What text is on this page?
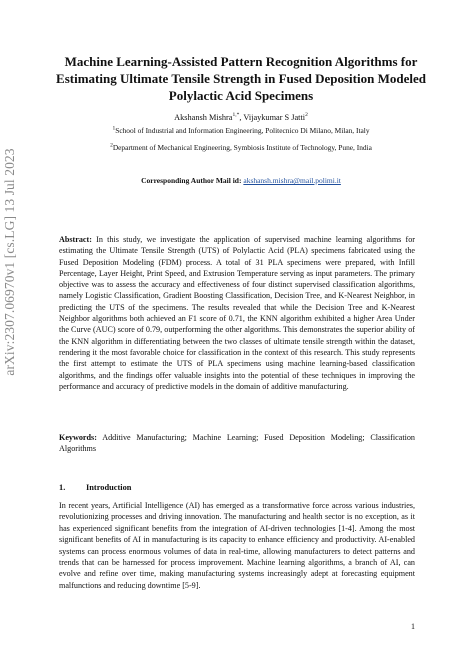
arXiv:2307.06970v1 [cs.LG] 13 Jul 2023
Machine Learning-Assisted Pattern Recognition Algorithms for Estimating Ultimate Tensile Strength in Fused Deposition Modeled Polylactic Acid Specimens
Akshansh Mishra$^{1,*}$, Vijaykumar S Jatti$^2$
$^1$School of Industrial and Information Engineering, Politecnico Di Milano, Milan, Italy
$^2$Department of Mechanical Engineering, Symbiosis Institute of Technology, Pune, India
Corresponding Author Mail id: akshansh.mishra@mail.polimi.it

Abstract: In this study, we investigate the application of supervised machine learning algorithms for estimating the Ultimate Tensile Strength (UTS) of Polylactic Acid (PLA) specimens fabricated using the Fused Deposition Modeling (FDM) process. A total of 31 PLA specimens were prepared, with Infill Percentage, Layer Height, Print Speed, and Extrusion Temperature serving as input parameters. The primary objective was to assess the accuracy and effectiveness of four distinct supervised classification algorithms, namely Logistic Classification, Gradient Boosting Classification, Decision Tree, and K-Nearest Neighbor, in predicting the UTS of the specimens. The results revealed that while the Decision Tree and K-Nearest Neighbor algorithms both achieved an F1 score of 0.71, the KNN algorithm exhibited a higher Area Under the Curve (AUC) score of 0.79, outperforming the other algorithms. This demonstrates the superior ability of the KNN algorithm in differentiating between the two classes of ultimate tensile strength within the dataset, rendering it the most favorable choice for classification in the context of this research. This study represents the first attempt to estimate the UTS of PLA specimens using machine learning-based classification algorithms, and the findings offer valuable insights into the potential of these techniques in improving the performance and accuracy of predictive models in the domain of additive manufacturing.

Keywords: Additive Manufacturing; Machine Learning; Fused Deposition Modeling; Classification Algorithms

1. Introduction

In recent years, Artificial Intelligence (AI) has emerged as a transformative force across various industries, revolutionizing processes and driving innovation. The manufacturing and health sector is no exception, as it has experienced significant benefits from the integration of AI-driven technologies [1-4]. Among the most significant benefits of AI in manufacturing is its capacity to enhance efficiency and productivity. AI-enabled systems can process enormous volumes of data in real-time, allowing manufacturers to detect patterns and trends that can be harnessed for process improvement. Machine learning algorithms, a branch of AI, can evolve and refine over time, making manufacturing systems increasingly adept at forecasting equipment malfunctions and reducing downtime [5-9].

1
